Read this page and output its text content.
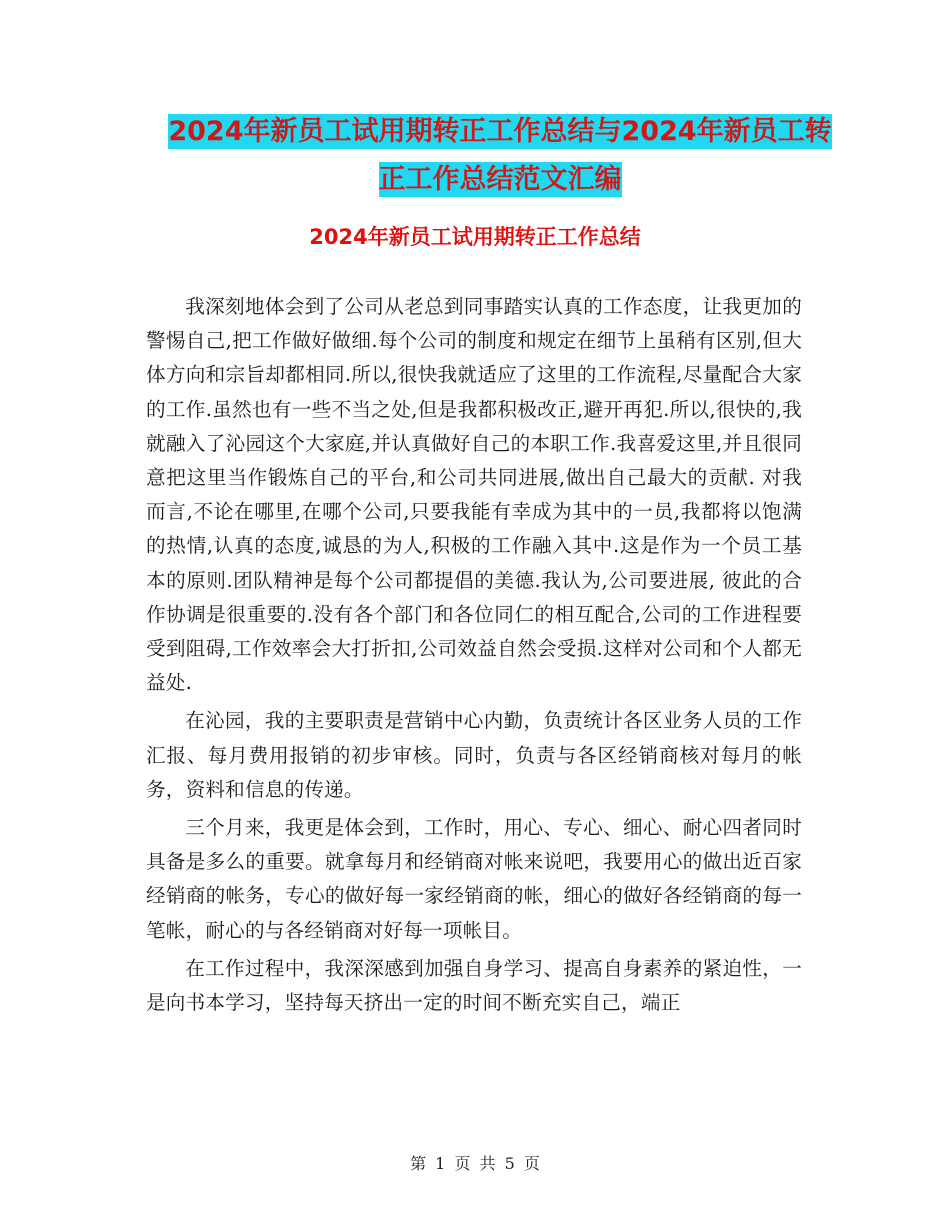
2024年新员工试用期转正工作总结与2024年新员工转
正工作总结范文汇编
2024年新员工试用期转正工作总结

我深刻地体会到了公司从老总到同事踏实认真的工作态度，让我更加的警惕自己,把工作做好做细.每个公司的制度和规定在细节上虽稍有区别,但大体方向和宗旨却都相同.所以,很快我就适应了这里的工作流程,尽量配合大家的工作.虽然也有一些不当之处,但是我都积极改正,避开再犯.所以,很快的,我就融入了沁园这个大家庭,并认真做好自己的本职工作.我喜爱这里,并且很同意把这里当作锻炼自己的平台,和公司共同进展,做出自己最大的贡献. 对我而言,不论在哪里,在哪个公司,只要我能有幸成为其中的一员,我都将以饱满的热情,认真的态度,诚恳的为人,积极的工作融入其中.这是作为一个员工基本的原则.团队精神是每个公司都提倡的美德.我认为,公司要进展, 彼此的合作协调是很重要的.没有各个部门和各位同仁的相互配合,公司的工作进程要受到阻碍,工作效率会大打折扣,公司效益自然会受损.这样对公司和个人都无益处.

在沁园，我的主要职责是营销中心内勤，负责统计各区业务人员的工作汇报、每月费用报销的初步审核。同时，负责与各区经销商核对每月的帐务，资料和信息的传递。

三个月来，我更是体会到，工作时，用心、专心、细心、耐心四者同时具备是多么的重要。就拿每月和经销商对帐来说吧，我要用心的做出近百家经销商的帐务，专心的做好每一家经销商的帐，细心的做好各经销商的每一笔帐，耐心的与各经销商对好每一项帐目。

在工作过程中，我深深感到加强自身学习、提高自身素养的紧迫性，一是向书本学习，坚持每天挤出一定的时间不断充实自己，端正

第 1 页 共 5 页
